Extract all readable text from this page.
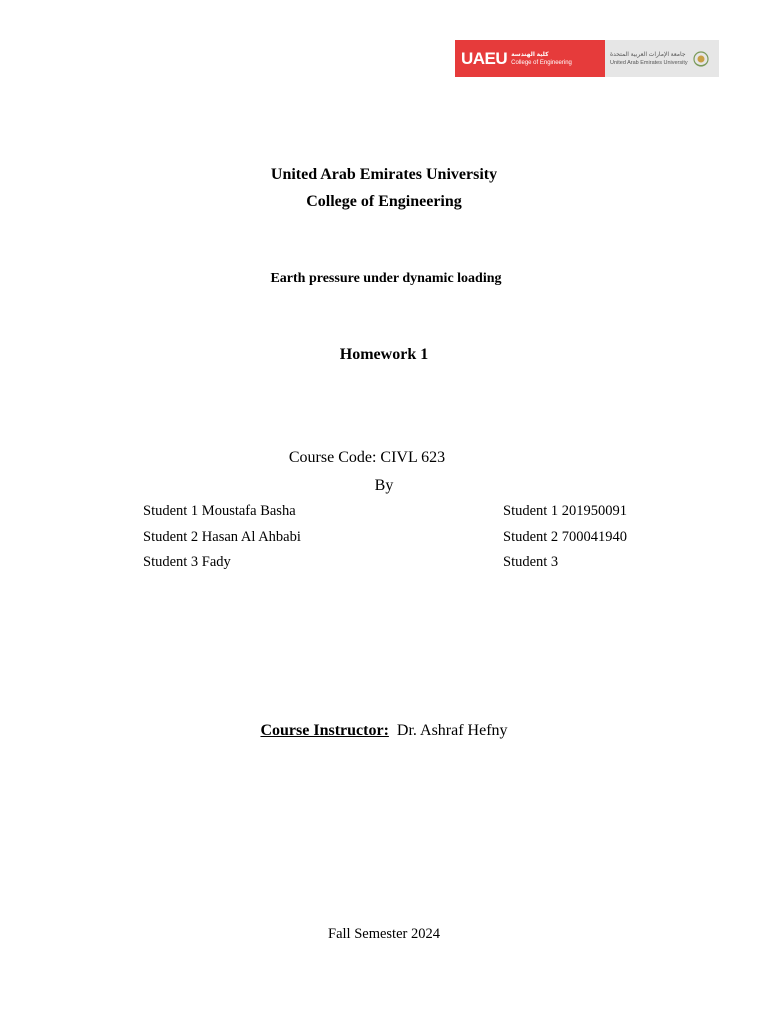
UAEU كلية الهندسة
College of Engineering
جامعة الإمارات العربية المتحدة
United Arab Emirates University
United Arab Emirates University
College of Engineering
Earth pressure under dynamic loading
Homework 1
Course Code: CIVL 623
By
Student 1 Moustafa Basha	Student 1 201950091
Student 2 Hasan Al Ahbabi	Student 2 700041940
Student 3 Fady	Student 3
Course Instructor: Dr. Ashraf Hefny
Fall Semester 2024
